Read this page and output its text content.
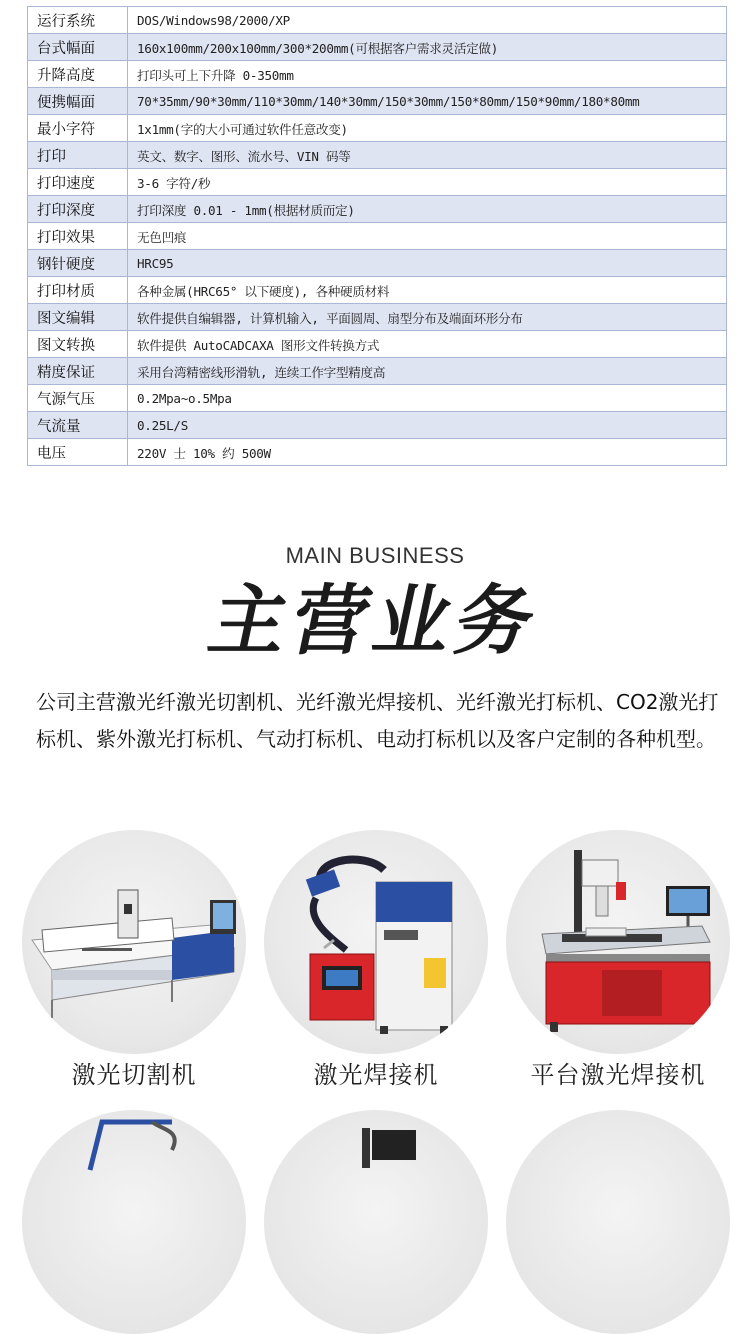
运行系统	DOS/Windows98/2000/XP
台式幅面	160x100mm/200x100mm/300*200mm(可根据客户需求灵活定做)
升降高度	打印头可上下升降 0-350mm
便携幅面	70*35mm/90*30mm/110*30mm/140*30mm/150*30mm/150*80mm/150*90mm/180*80mm
最小字符	1x1mm(字的大小可通过软件任意改变)
打印	英文、数字、图形、流水号、VIN 码等
打印速度	3-6 字符/秒
打印深度	打印深度 0.01 - 1mm(根据材质而定)
打印效果	无色凹痕
钢针硬度	HRC95
打印材质	各种金属(HRC65° 以下硬度), 各种硬质材料
图文编辑	软件提供自编辑器, 计算机输入, 平面圆周、扇型分布及端面环形分布
图文转换	软件提供 AutoCADCAXA 图形文件转换方式
精度保证	采用台湾精密线形滑轨, 连续工作字型精度高
气源气压	0.2Mpa~o.5Mpa
气流量	0.25L/S
电压	220V 士 10% 约 500W
MAIN BUSINESS
主营业务
公司主营激光纤激光切割机、光纤激光焊接机、光纤激光打标机、CO2激光打标机、紫外激光打标机、气动打标机、电动打标机以及客户定制的各种机型。
激光切割机	激光焊接机	平台激光焊接机
